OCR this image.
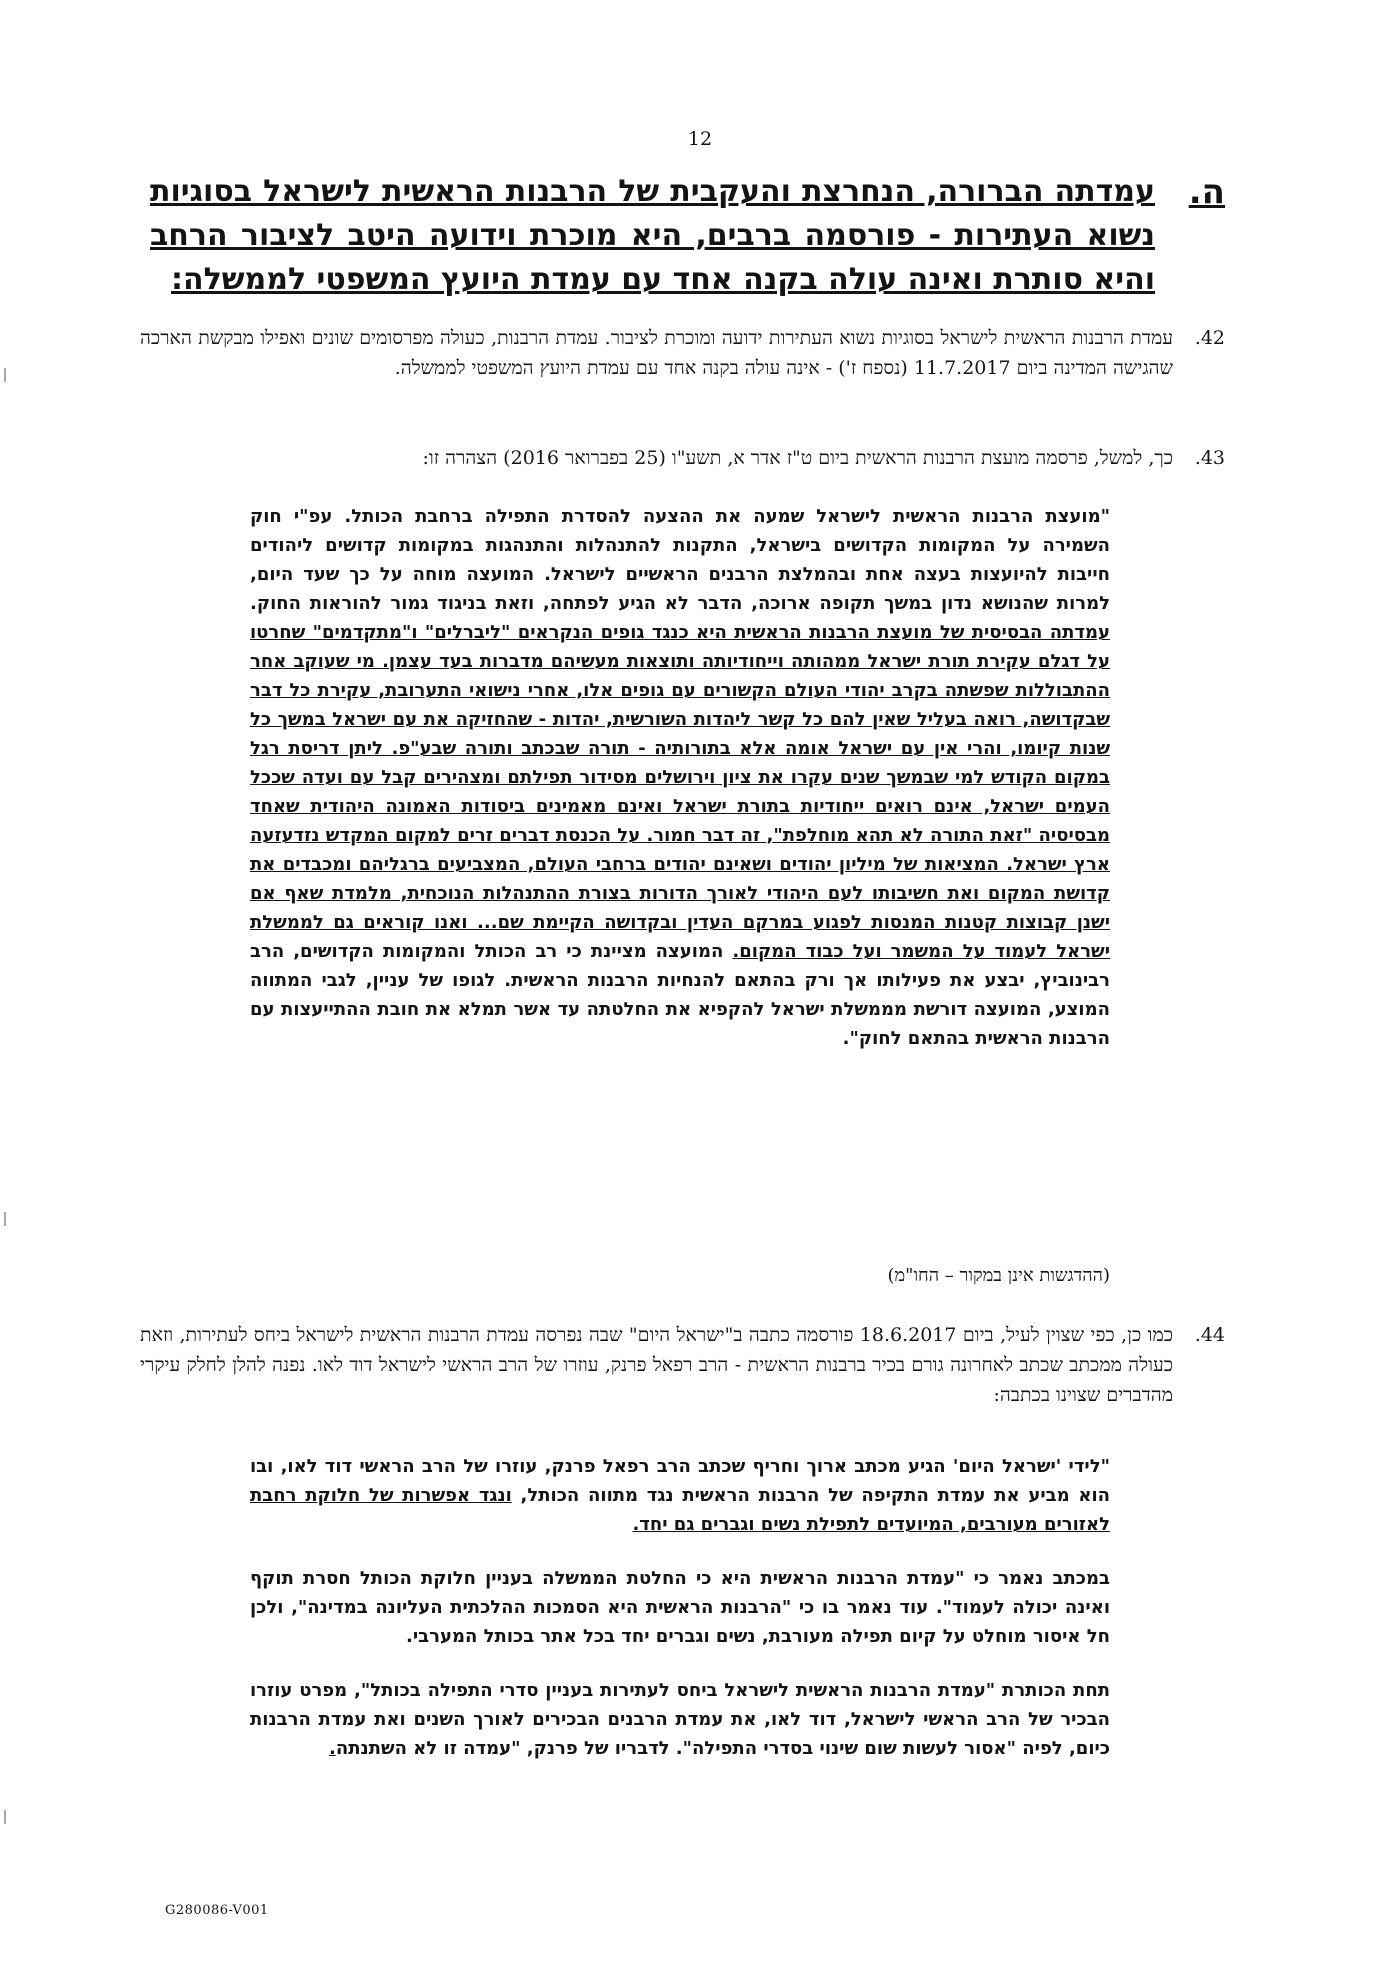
12
ה.
עמדתה הברורה, הנחרצת והעקבית של הרבנות הראשית לישראל בסוגיות נשוא העתירות - פורסמה ברבים, היא מוכרת וידועה היטב לציבור הרחב והיא סותרת ואינה עולה בקנה אחד עם עמדת היועץ המשפטי לממשלה:
42.
עמדת הרבנות הראשית לישראל בסוגיות נשוא העתירות ידועה ומוכרת לציבור. עמדת הרבנות, כעולה מפרסומים שונים ואפילו מבקשת הארכה שהגישה המדינה ביום 11.7.2017 (נספח ז') - אינה עולה בקנה אחד עם עמדת היועץ המשפטי לממשלה.
43.
כך, למשל, פרסמה מועצת הרבנות הראשית ביום ט"ז אדר א, תשע"ו (25 בפברואר 2016) הצהרה זו:
"מועצת הרבנות הראשית לישראל שמעה את ההצעה להסדרת התפילה ברחבת הכותל. עפ"י חוק השמירה על המקומות הקדושים בישראל, התקנות להתנהלות והתנהגות במקומות קדושים ליהודים חייבות להיועצות בעצה אחת ובהמלצת הרבנים הראשיים לישראל. המועצה מוחה על כך שעד היום, למרות שהנושא נדון במשך תקופה ארוכה, הדבר לא הגיע לפתחה, וזאת בניגוד גמור להוראות החוק. עמדתה הבסיסית של מועצת הרבנות הראשית היא כנגד גופים הנקראים "ליברלים" ו"מתקדמים" שחרטו על דגלם עקירת תורת ישראל ממהותה וייחודיותה ותוצאות מעשיהם מדברות בעד עצמן. מי שעוקב אחר ההתבוללות שפשתה בקרב יהודי העולם הקשורים עם גופים אלו, אחרי נישואי התערובת, עקירת כל דבר שבקדושה, רואה בעליל שאין להם כל קשר ליהדות השורשית, יהדות - שהחזיקה את עם ישראל במשך כל שנות קיומו, והרי אין עם ישראל אומה אלא בתורותיה - תורה שבכתב ותורה שבע"פ. ליתן דריסת רגל במקום הקודש למי שבמשך שנים עקרו את ציון וירושלים מסידור תפילתם ומצהירים קבל עם ועדה שככל העמים ישראל, אינם רואים ייחודיות בתורת ישראל ואינם מאמינים ביסודות האמונה היהודית שאחד מבסיסיה "זאת התורה לא תהא מוחלפת", זה דבר חמור. על הכנסת דברים זרים למקום המקדש נזדעזעה ארץ ישראל. המציאות של מיליון יהודים ושאינם יהודים ברחבי העולם, המצביעים ברגליהם ומכבדים את קדושת המקום ואת חשיבותו לעם היהודי לאורך הדורות בצורת ההתנהלות הנוכחית, מלמדת שאף אם ישנן קבוצות קטנות המנסות לפגוע במרקם העדין ובקדושה הקיימת שם... ואנו קוראים גם לממשלת ישראל לעמוד על המשמר ועל כבוד המקום. המועצה מציינת כי רב הכותל והמקומות הקדושים, הרב רבינוביץ, יבצע את פעילותו אך ורק בהתאם להנחיות הרבנות הראשית. לגופו של עניין, לגבי המתווה המוצע, המועצה דורשת מממשלת ישראל להקפיא את החלטתה עד אשר תמלא את חובת ההתייעצות עם הרבנות הראשית בהתאם לחוק".
(ההדגשות אינן במקור – החו"מ)
44.
כמו כן, כפי שצוין לעיל, ביום 18.6.2017 פורסמה כתבה ב"ישראל היום" שבה נפרסה עמדת הרבנות הראשית לישראל ביחס לעתירות, וזאת כעולה ממכתב שכתב לאחרונה גורם בכיר ברבנות הראשית - הרב רפאל פרנק, עוזרו של הרב הראשי לישראל דוד לאו. נפנה להלן לחלק עיקרי מהדברים שצוינו בכתבה:

"לידי 'ישראל היום' הגיע מכתב ארוך וחריף שכתב הרב רפאל פרנק, עוזרו של הרב הראשי דוד לאו, ובו הוא מביע את עמדת התקיפה של הרבנות הראשית נגד מתווה הכותל, ונגד אפשרות של חלוקת רחבת לאזורים מעורבים, המיועדים לתפילת נשים וגברים גם יחד.

במכתב נאמר כי "עמדת הרבנות הראשית היא כי החלטת הממשלה בעניין חלוקת הכותל חסרת תוקף ואינה יכולה לעמוד". עוד נאמר בו כי "הרבנות הראשית היא הסמכות ההלכתית העליונה במדינה", ולכן חל איסור מוחלט על קיום תפילה מעורבת, נשים וגברים יחד בכל אתר בכותל המערבי.

תחת הכותרת "עמדת הרבנות הראשית לישראל ביחס לעתירות בעניין סדרי התפילה בכותל", מפרט עוזרו הבכיר של הרב הראשי לישראל, דוד לאו, את עמדת הרבנים הבכירים לאורך השנים ואת עמדת הרבנות כיום, לפיה "אסור לעשות שום שינוי בסדרי התפילה". לדבריו של פרנק, "עמדה זו לא השתנתה.

G280086-V001
